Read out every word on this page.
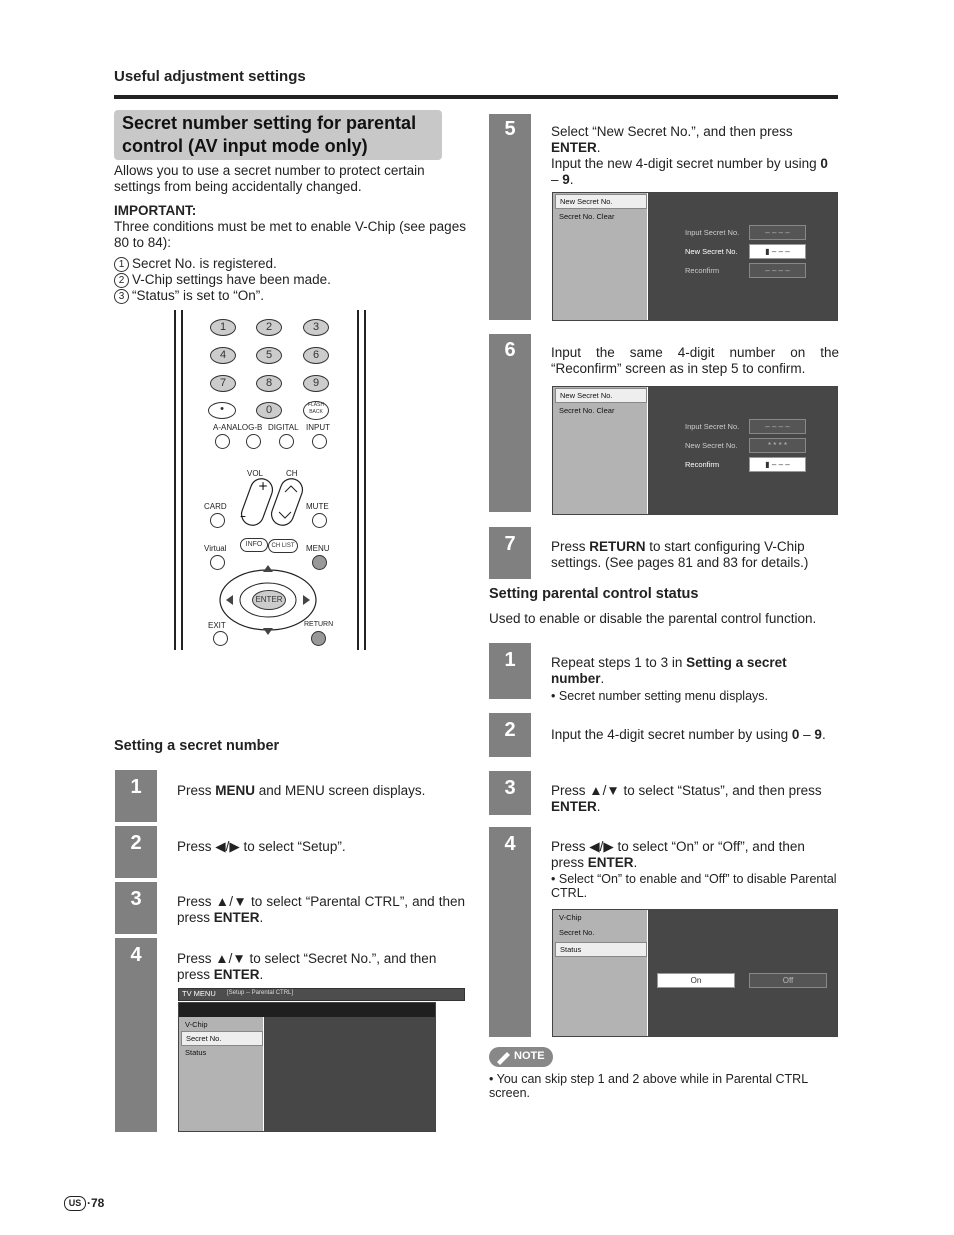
Useful adjustment settings
Secret number setting for parental
control (AV input mode only)
Allows you to use a secret number to protect certain settings from being accidentally changed.
IMPORTANT:
Three conditions must be met to enable V-Chip (see pages 80 to 84):
1 Secret No. is registered.
2 V-Chip settings have been made.
3 “Status” is set to “On”.
+
–
1	2	3
4	5	6
7	8	9
•	0	FLASH BACK
A-ANALOG-B DIGITAL INPUT
VOL	CH
CARD	MUTE
Virtual	INFO	CH LIST	MENU
ENTER
EXIT	RETURN
Setting a secret number
1	Press MENU and MENU screen displays.
2	Press ◀/▶ to select “Setup”.
3	Press ▲/▼ to select “Parental CTRL”, and then press ENTER.
4	Press ▲/▼ to select “Secret No.”, and then press ENTER.
TV MENU [Setup -- Parental CTRL]
V-Chip
Secret No.
Status
5	Select “New Secret No.”, and then press ENTER.
Input the new 4-digit secret number by using 0 – 9.
New Secret No.
Secret No. Clear
Input Secret No.	– – – –
New Secret No.	▮ – – –
Reconfirm	– – – –
6	Input the same 4-digit number on the “Reconfirm” screen as in step 5 to confirm.
New Secret No.
Secret No. Clear
Input Secret No.	– – – –
New Secret No.	* * * *
Reconfirm	▮ – – –
7	Press RETURN to start configuring V-Chip settings. (See pages 81 and 83 for details.)
Setting parental control status
Used to enable or disable the parental control function.
1	Repeat steps 1 to 3 in Setting a secret number.
• Secret number setting menu displays.
2	Input the 4-digit secret number by using 0 – 9.
3	Press ▲/▼ to select “Status”, and then press ENTER.
4	Press ◀/▶ to select “On” or “Off”, and then press ENTER.
• Select “On” to enable and “Off” to disable Parental CTRL.
V-Chip
Secret No.
Status
On	Off
NOTE
• You can skip step 1 and 2 above while in Parental CTRL screen.
US ·78
